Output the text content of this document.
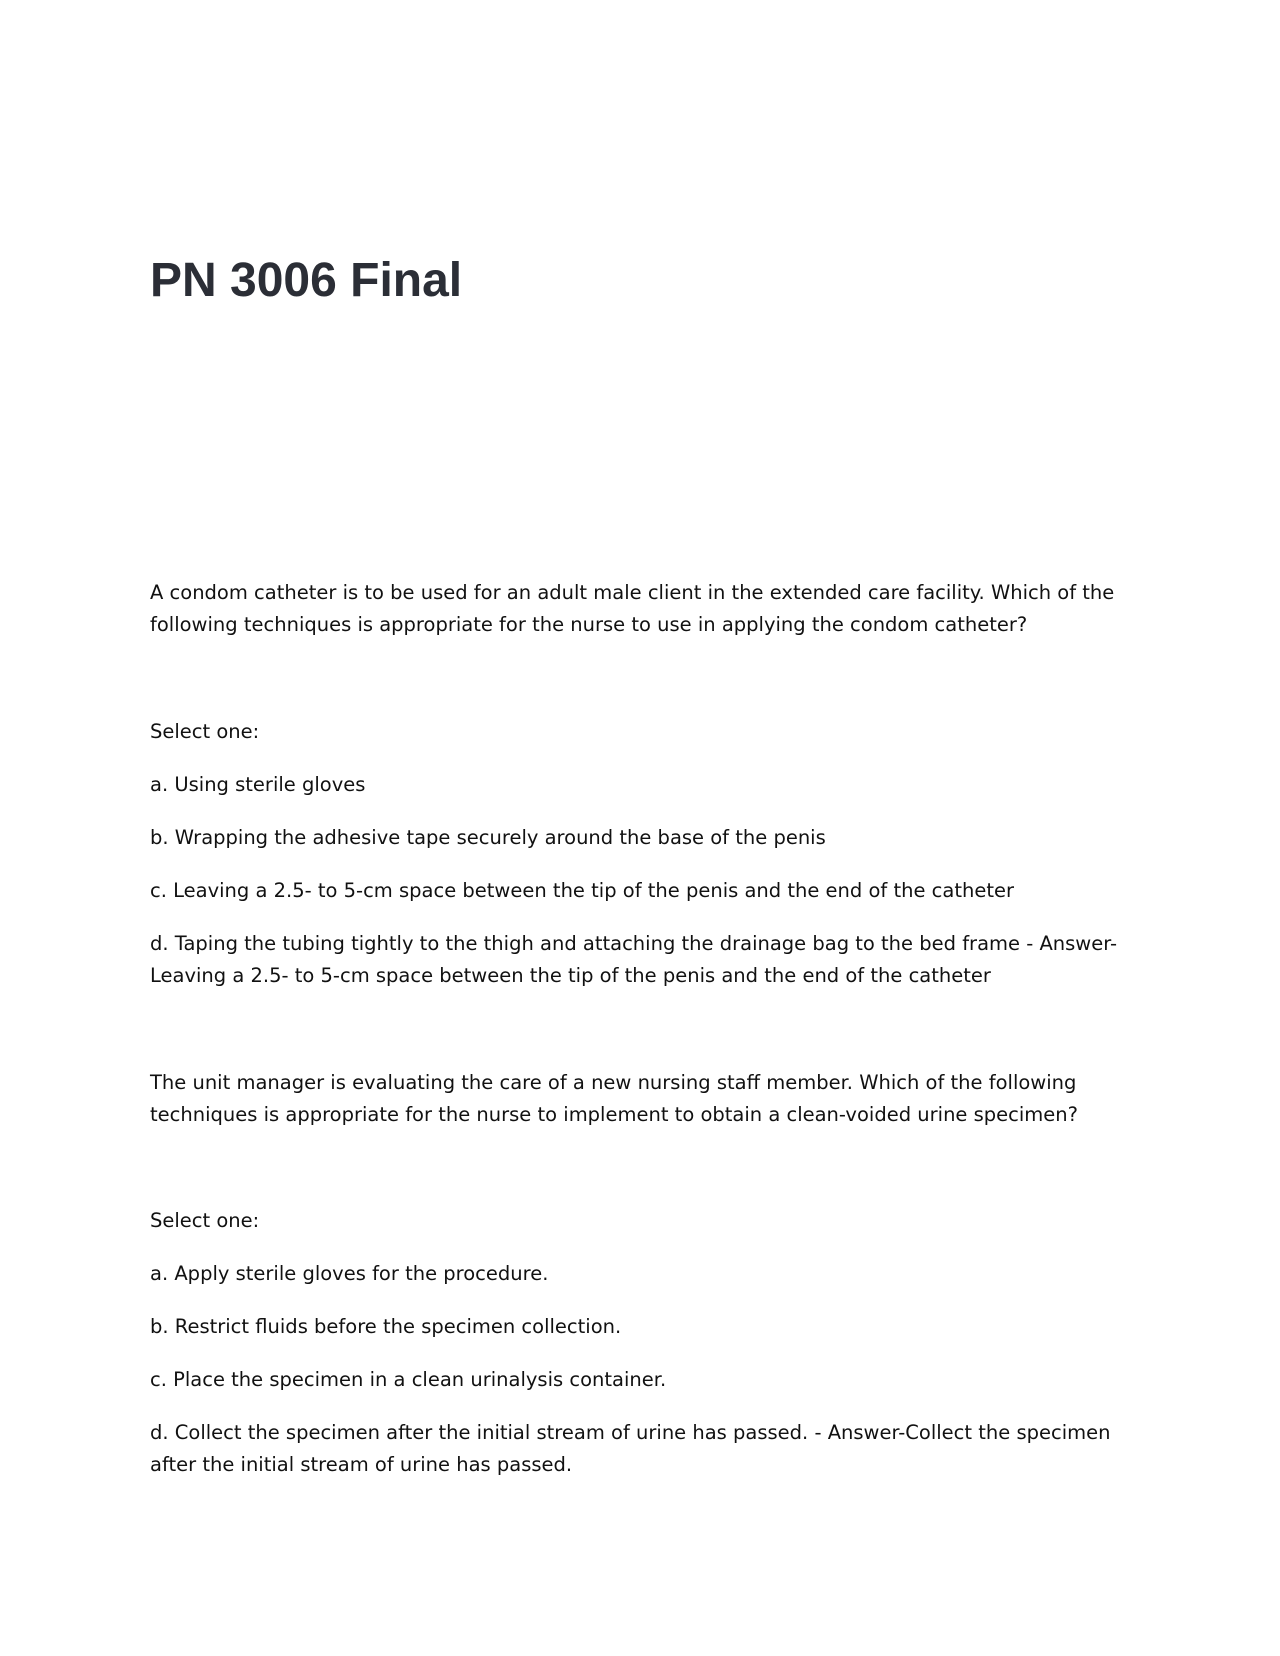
PN 3006 Final

A condom catheter is to be used for an adult male client in the extended care facility. Which of the following techniques is appropriate for the nurse to use in applying the condom catheter?

Select one:

a. Using sterile gloves

b. Wrapping the adhesive tape securely around the base of the penis

c. Leaving a 2.5- to 5-cm space between the tip of the penis and the end of the catheter

d. Taping the tubing tightly to the thigh and attaching the drainage bag to the bed frame - Answer-Leaving a 2.5- to 5-cm space between the tip of the penis and the end of the catheter

The unit manager is evaluating the care of a new nursing staff member. Which of the following techniques is appropriate for the nurse to implement to obtain a clean-voided urine specimen?

Select one:

a. Apply sterile gloves for the procedure.

b. Restrict fluids before the specimen collection.

c. Place the specimen in a clean urinalysis container.

d. Collect the specimen after the initial stream of urine has passed. - Answer-Collect the specimen after the initial stream of urine has passed.
